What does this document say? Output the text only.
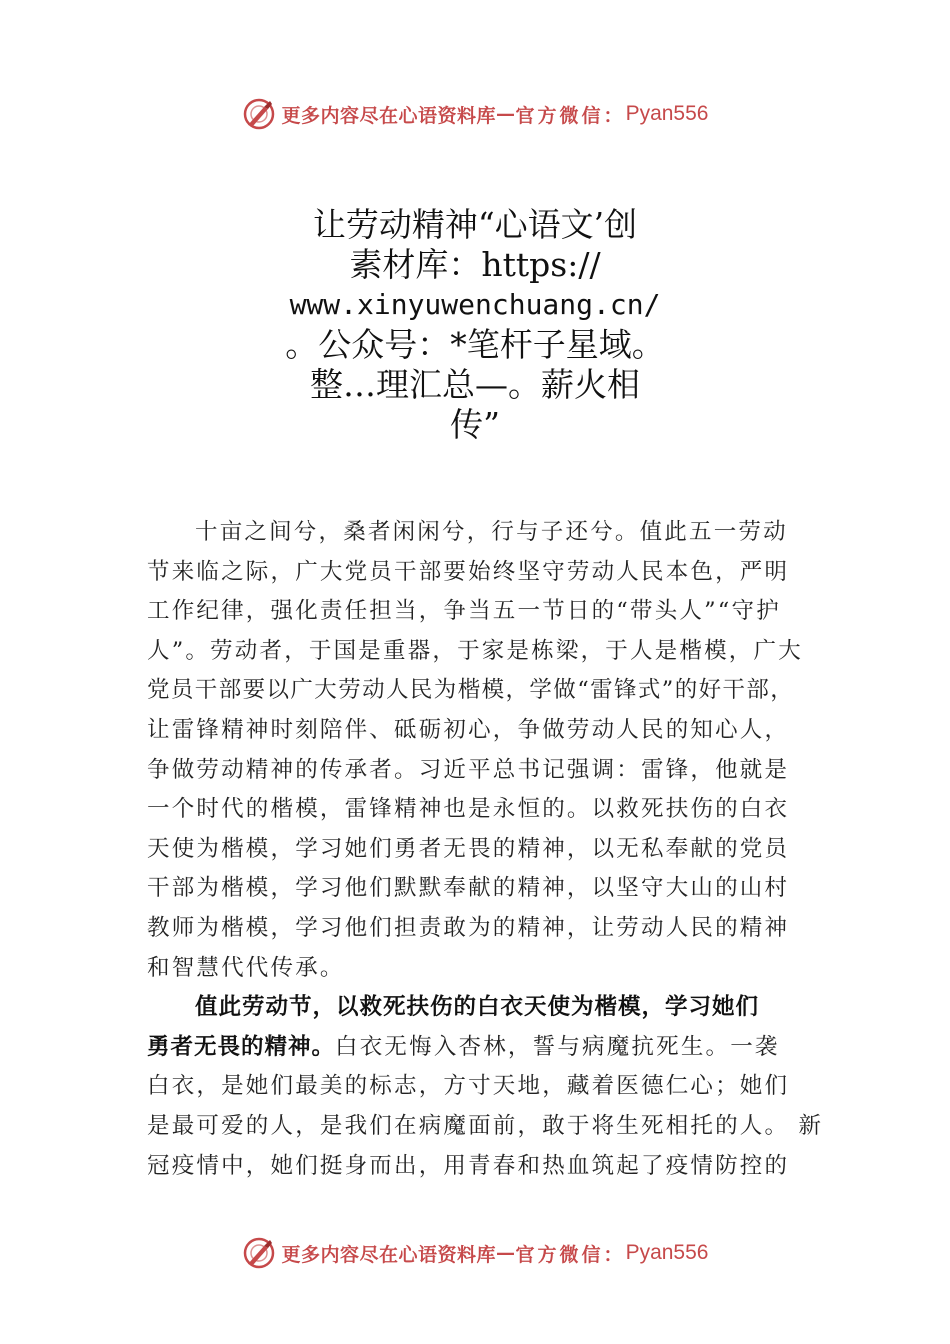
更多内容尽在心语资料库 — 官方微信： Pyan556
让劳动精神“心语文’创
素材库：https://
www.xinyuwenchuang.cn/
。公众号：*笔杆子星域。
整…理汇总—。薪火相
传”
十亩之间兮，桑者闲闲兮，行与子还兮。值此五一劳动
节来临之际，广大党员干部要始终坚守劳动人民本色，严明
工作纪律，强化责任担当，争当五一节日的“带头人”“守护
人”。劳动者，于国是重器，于家是栋梁，于人是楷模，广大
党员干部要以广大劳动人民为楷模，学做“雷锋式”的好干部，
让雷锋精神时刻陪伴、砥砺初心，争做劳动人民的知心人，
争做劳动精神的传承者。习近平总书记强调：雷锋，他就是
一个时代的楷模，雷锋精神也是永恒的。以救死扶伤的白衣
天使为楷模，学习她们勇者无畏的精神，以无私奉献的党员
干部为楷模，学习他们默默奉献的精神，以坚守大山的山村
教师为楷模，学习他们担责敢为的精神，让劳动人民的精神
和智慧代代传承。
值此劳动节，以救死扶伤的白衣天使为楷模，学习她们
勇者无畏的精神。白衣无悔入杏林，誓与病魔抗死生。一袭
白衣，是她们最美的标志，方寸天地，藏着医德仁心；她们
是最可爱的人，是我们在病魔面前，敢于将生死相托的人。 新
冠疫情中，她们挺身而出，用青春和热血筑起了疫情防控的
更多内容尽在心语资料库 — 官方微信： Pyan556
